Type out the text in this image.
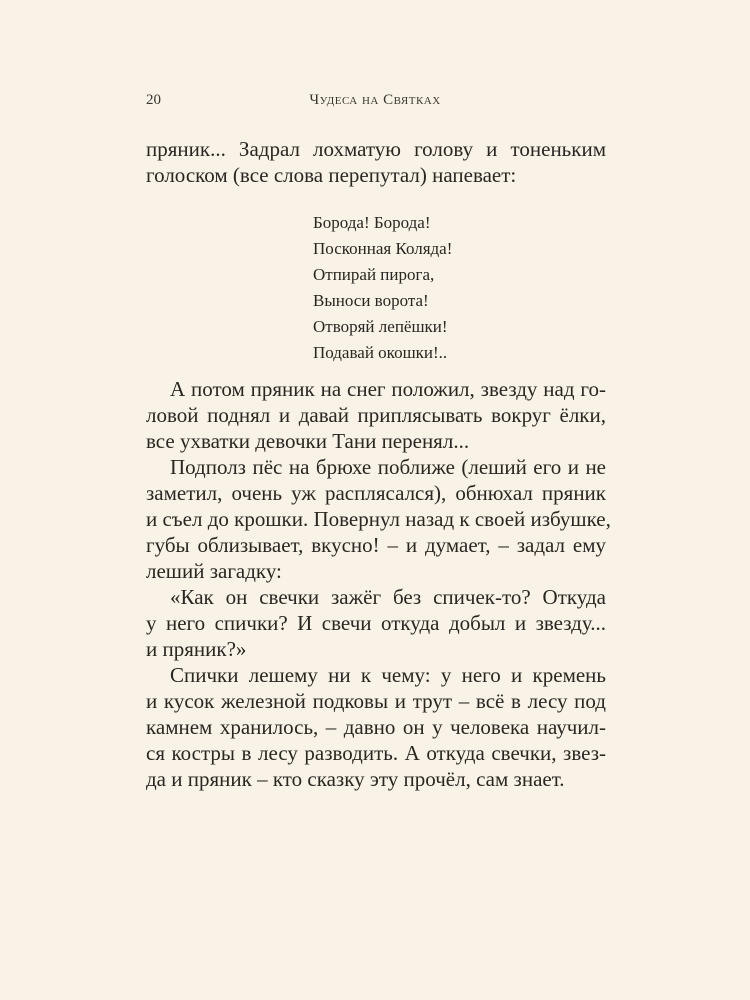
20	Чудеса на Святках
пряник... Задрал лохматую голову и тоненьким
голоском (все слова перепутал) напевает:
Борода! Борода!
Посконная Коляда!
Отпирай пирога,
Выноси ворота!
Отворяй лепёшки!
Подавай окошки!..
А потом пряник на снег положил, звезду над го-
ловой поднял и давай приплясывать вокруг ёлки,
все ухватки девочки Тани перенял...
Подполз пёс на брюхе поближе (леший его и не
заметил, очень уж расплясался), обнюхал пряник
и съел до крошки. Повернул назад к своей избушке,
губы облизывает, вкусно! – и думает, – задал ему
леший загадку:
«Как он свечки зажёг без спичек-то? Откуда
у него спички? И свечи откуда добыл и звезду...
и пряник?»
Спички лешему ни к чему: у него и кремень
и кусок железной подковы и трут – всё в лесу под
камнем хранилось, – давно он у человека научил-
ся костры в лесу разводить. А откуда свечки, звез-
да и пряник – кто сказку эту прочёл, сам знает.
